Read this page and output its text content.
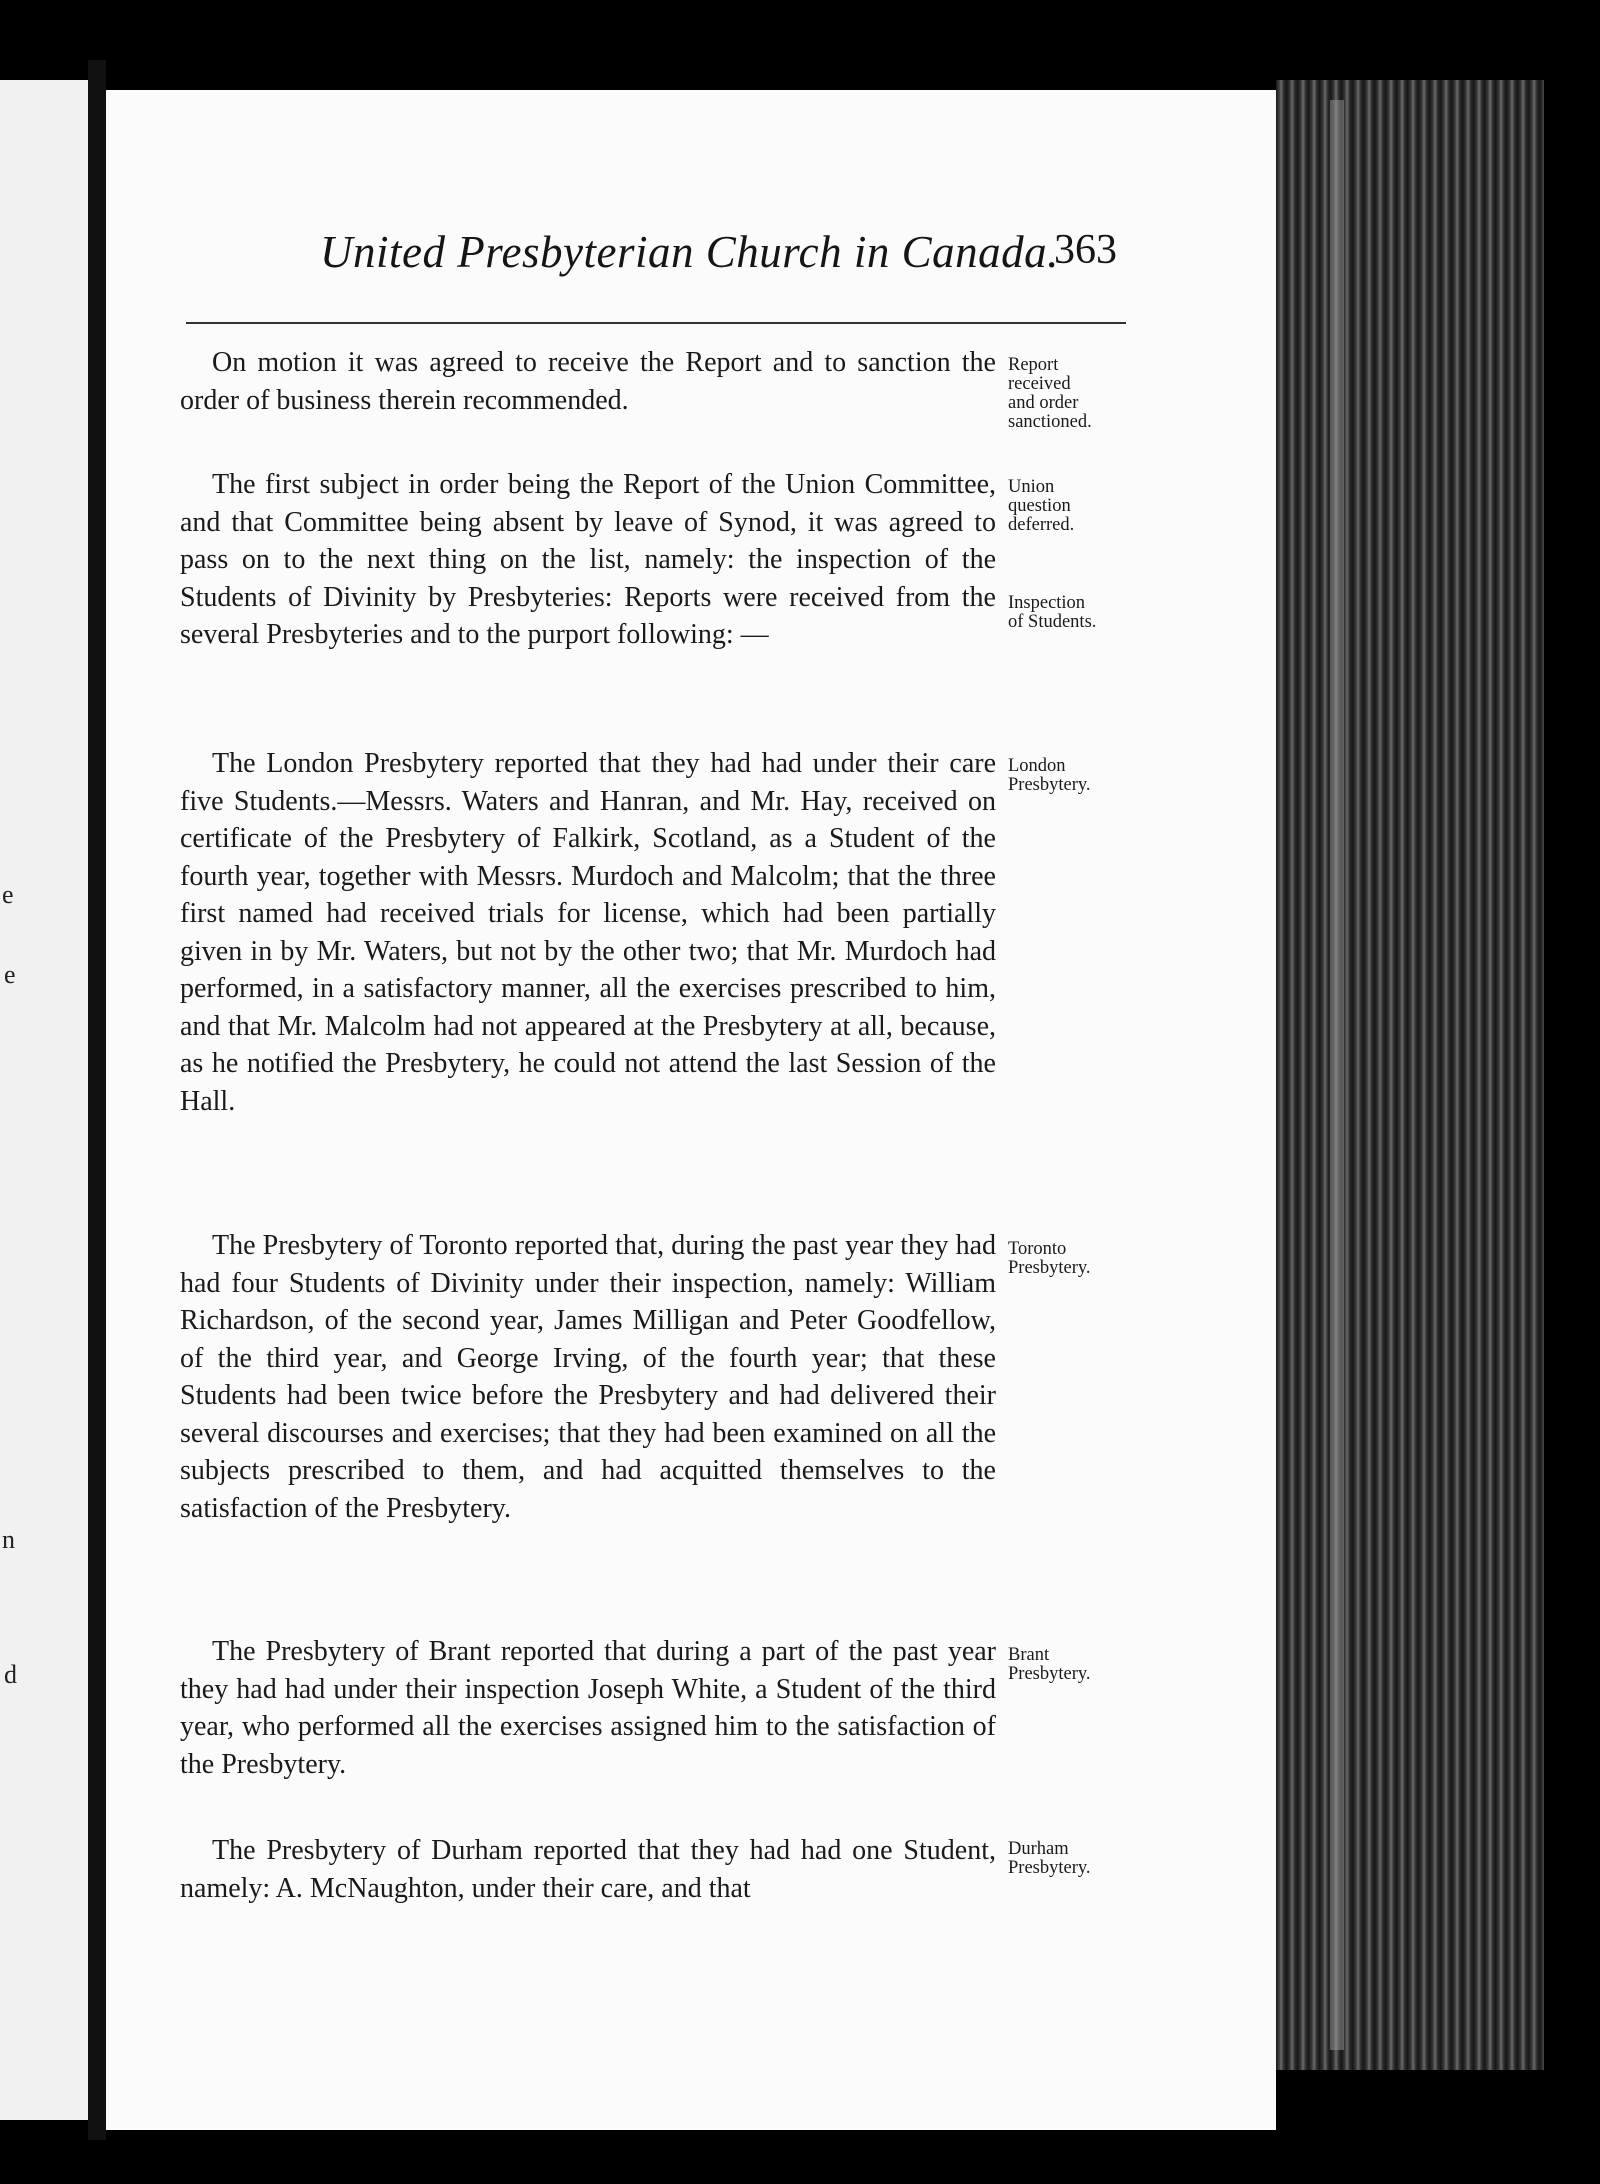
e
e
n
d
United Presbyterian Church in Canada.
363

On motion it was agreed to receive the Report and to sanction the order of business therein recommended.

The first subject in order being the Report of the Union Committee, and that Committee being absent by leave of Synod, it was agreed to pass on to the next thing on the list, namely: the inspection of the Students of Divinity by Presbyteries: Reports were received from the several Presbyteries and to the purport following: —

The London Presbytery reported that they had had under their care five Students.—Messrs. Waters and Hanran, and Mr. Hay, received on certificate of the Presbytery of Falkirk, Scotland, as a Student of the fourth year, together with Messrs. Murdoch and Malcolm; that the three first named had received trials for license, which had been partially given in by Mr. Waters, but not by the other two; that Mr. Murdoch had performed, in a satisfactory manner, all the exercises prescribed to him, and that Mr. Malcolm had not appeared at the Presbytery at all, because, as he notified the Presbytery, he could not attend the last Session of the Hall.

The Presbytery of Toronto reported that, during the past year they had had four Students of Divinity under their inspection, namely: William Richardson, of the second year, James Milligan and Peter Goodfellow, of the third year, and George Irving, of the fourth year; that these Students had been twice before the Presbytery and had delivered their several discourses and exercises; that they had been examined on all the subjects prescribed to them, and had acquitted themselves to the satisfaction of the Presbytery.

The Presbytery of Brant reported that during a part of the past year they had had under their inspection Joseph White, a Student of the third year, who performed all the exercises assigned him to the satisfaction of the Presbytery.

The Presbytery of Durham reported that they had had one Student, namely: A. McNaughton, under their care, and that

Report
received
and order
sanctioned.

Union
question
deferred.

Inspection
of Students.

London
Presbytery.

Toronto
Presbytery.

Brant
Presbytery.

Durham
Presbytery.
